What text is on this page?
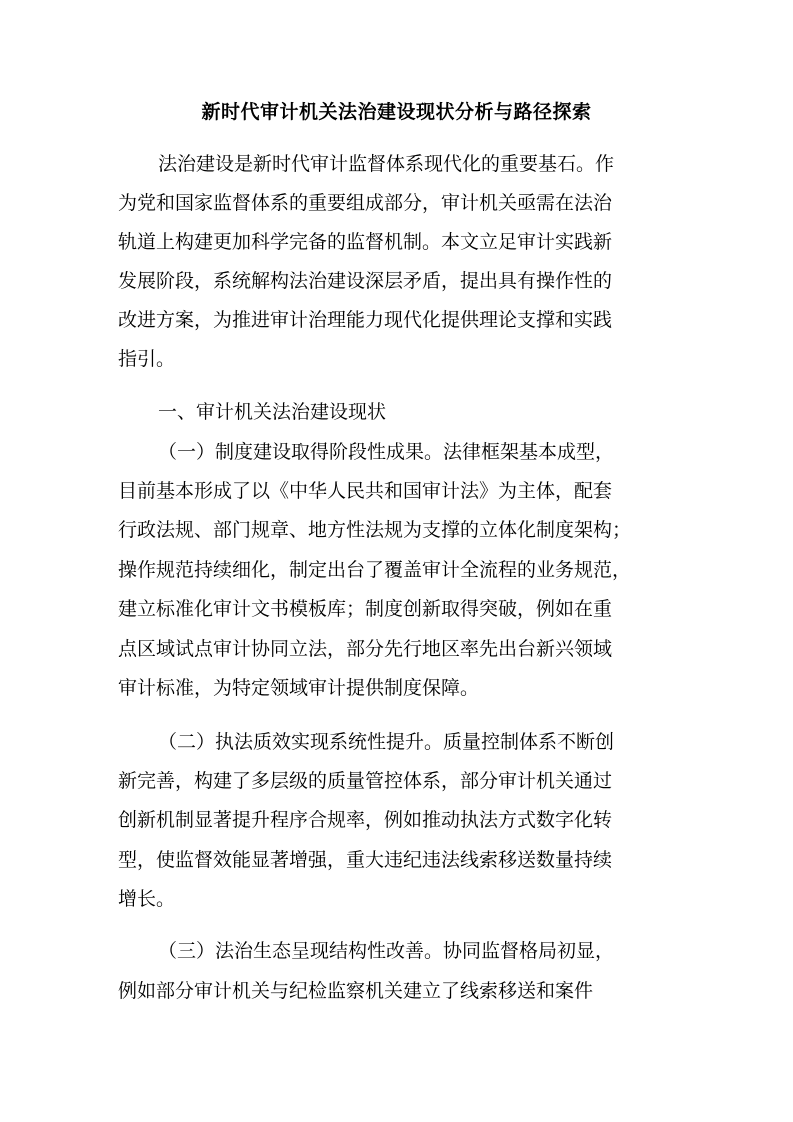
新时代审计机关法治建设现状分析与路径探索
法治建设是新时代审计监督体系现代化的重要基石。作
为党和国家监督体系的重要组成部分，审计机关亟需在法治
轨道上构建更加科学完备的监督机制。本文立足审计实践新
发展阶段，系统解构法治建设深层矛盾，提出具有操作性的
改进方案，为推进审计治理能力现代化提供理论支撑和实践
指引。
一、审计机关法治建设现状
（一）制度建设取得阶段性成果。法律框架基本成型，
目前基本形成了以《中华人民共和国审计法》为主体，配套
行政法规、部门规章、地方性法规为支撑的立体化制度架构；
操作规范持续细化，制定出台了覆盖审计全流程的业务规范，
建立标准化审计文书模板库；制度创新取得突破，例如在重
点区域试点审计协同立法，部分先行地区率先出台新兴领域
审计标准，为特定领域审计提供制度保障。
（二）执法质效实现系统性提升。质量控制体系不断创
新完善，构建了多层级的质量管控体系，部分审计机关通过
创新机制显著提升程序合规率，例如推动执法方式数字化转
型，使监督效能显著增强，重大违纪违法线索移送数量持续
增长。
（三）法治生态呈现结构性改善。协同监督格局初显，
例如部分审计机关与纪检监察机关建立了线索移送和案件
